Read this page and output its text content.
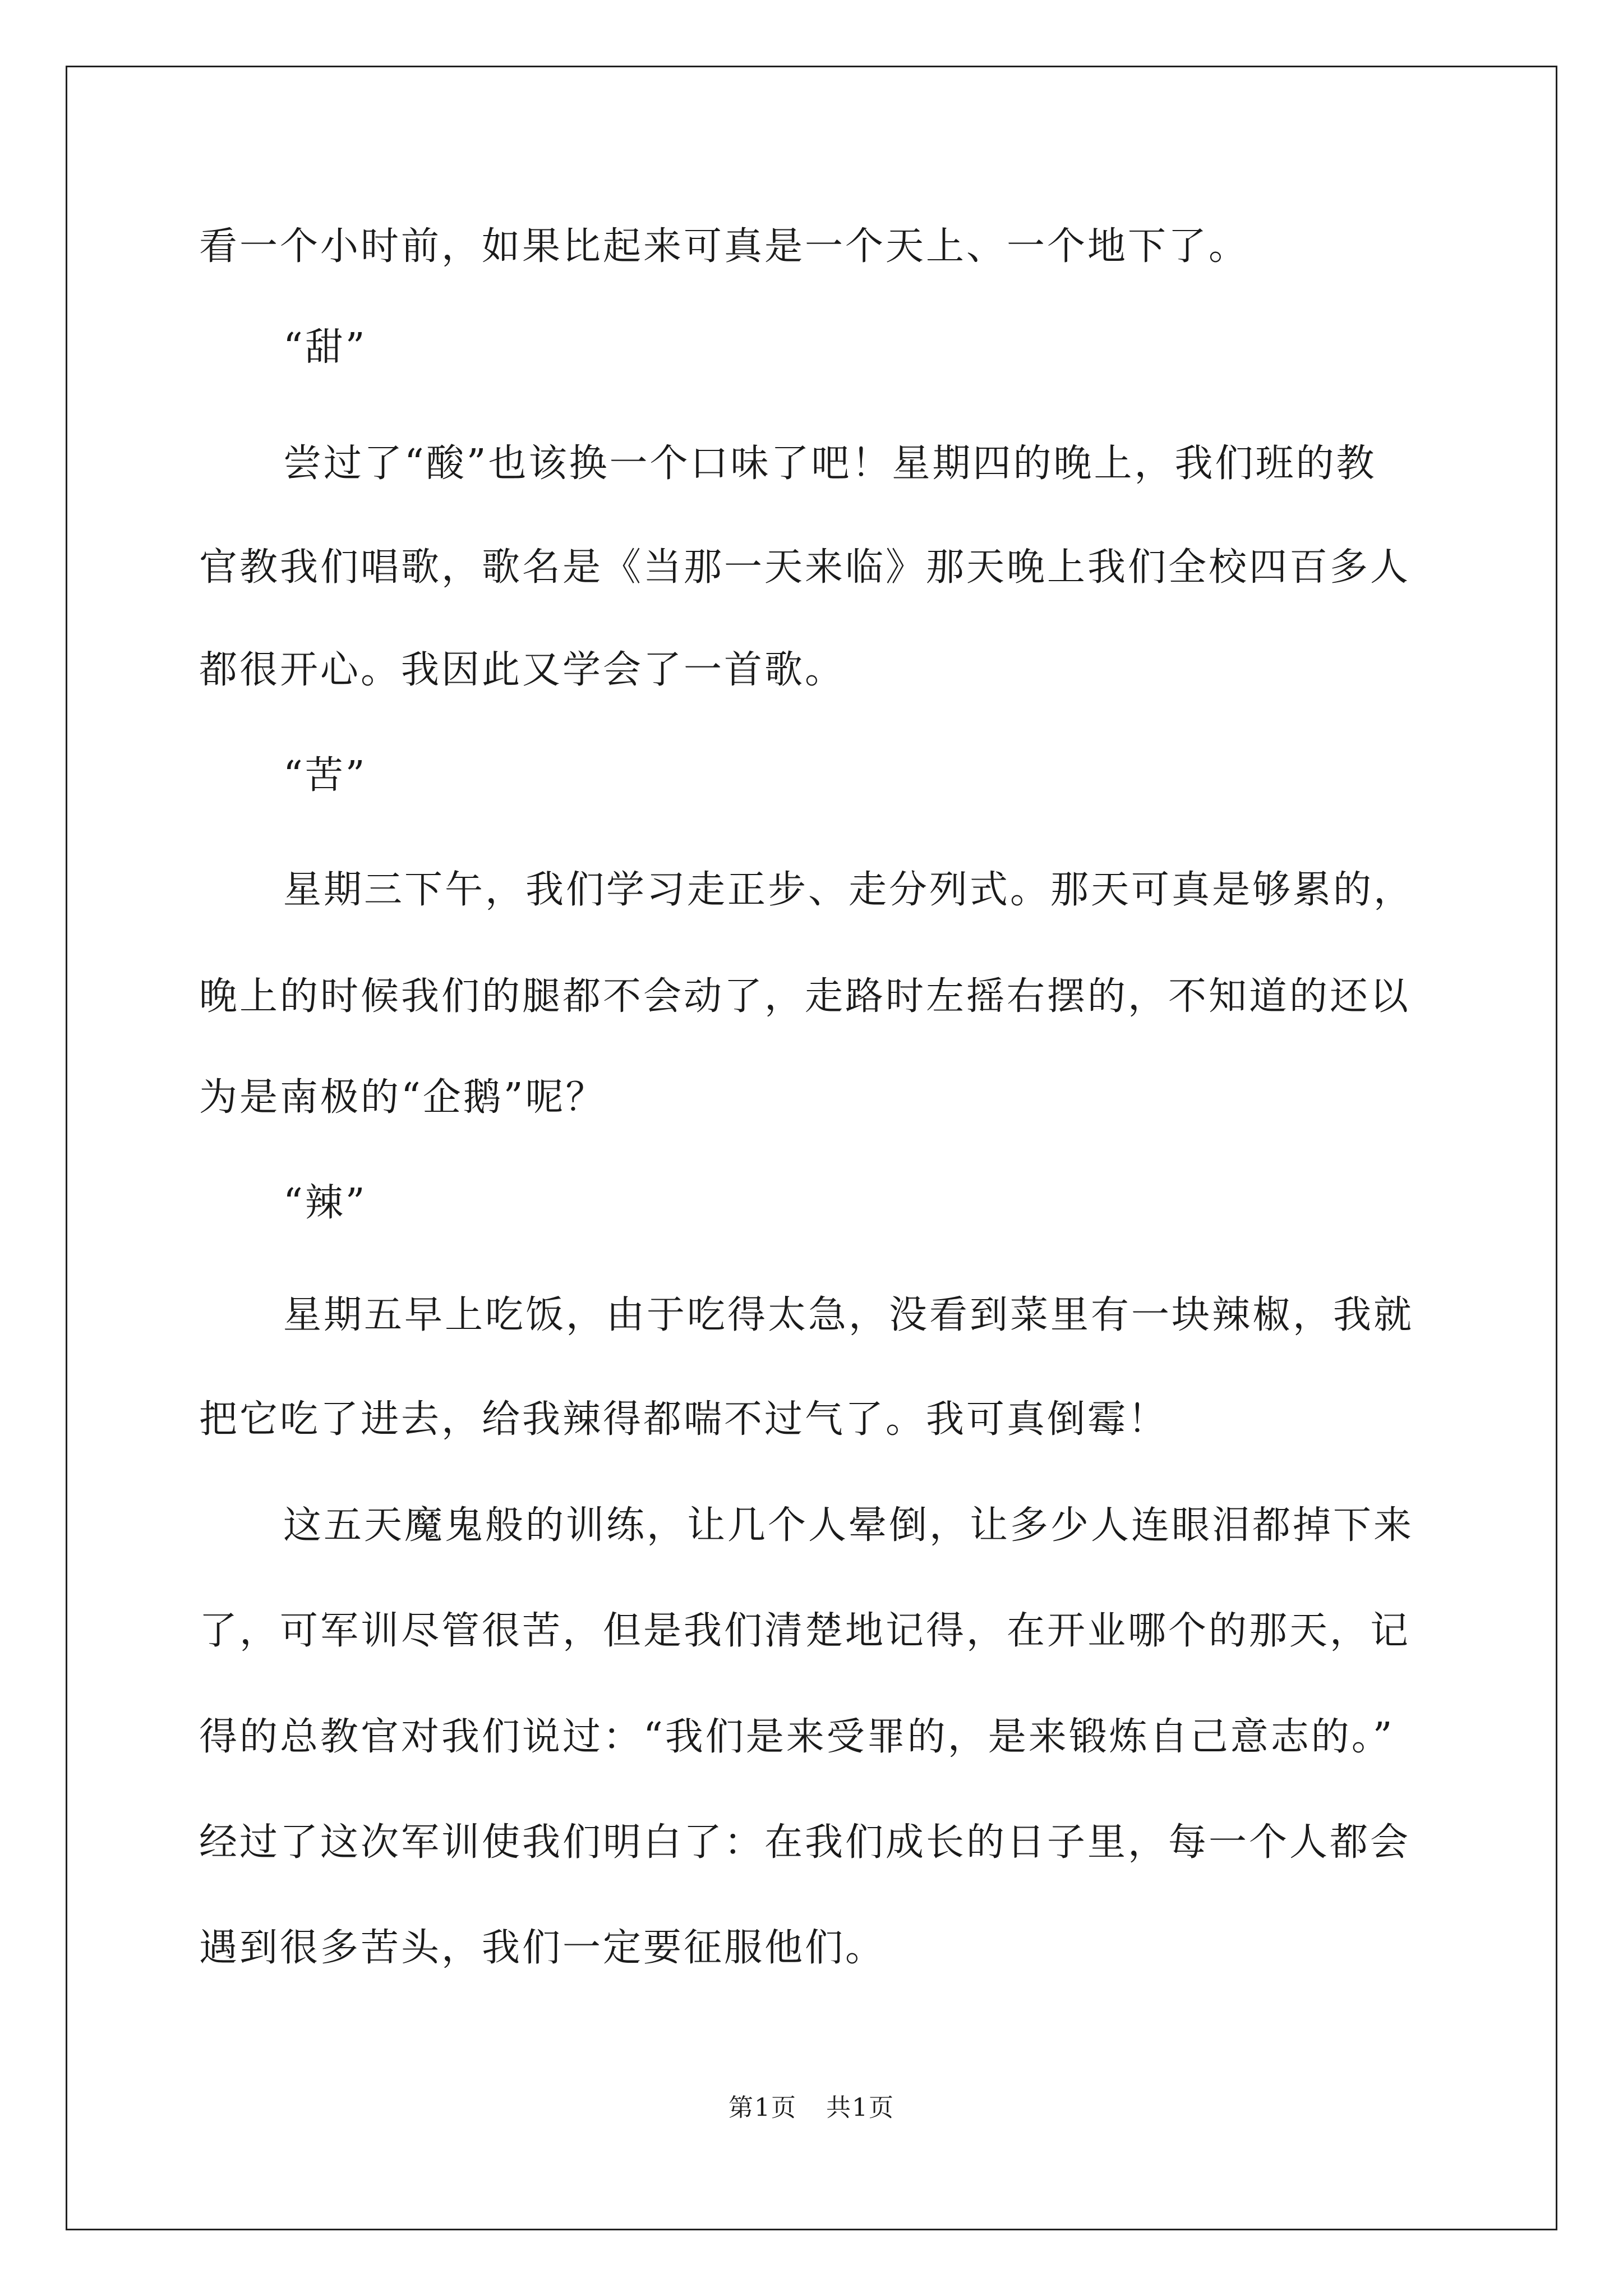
看一个小时前，如果比起来可真是一个天上、一个地下了。
“甜”
尝过了“酸”也该换一个口味了吧！星期四的晚上，我们班的教
官教我们唱歌，歌名是《当那一天来临》那天晚上我们全校四百多人
都很开心。我因此又学会了一首歌。
“苦”
星期三下午，我们学习走正步、走分列式。那天可真是够累的，
晚上的时候我们的腿都不会动了，走路时左摇右摆的，不知道的还以
为是南极的“企鹅”呢？
“辣”
星期五早上吃饭，由于吃得太急，没看到菜里有一块辣椒，我就
把它吃了进去，给我辣得都喘不过气了。我可真倒霉！
这五天魔鬼般的训练，让几个人晕倒，让多少人连眼泪都掉下来
了，可军训尽管很苦，但是我们清楚地记得，在开业哪个的那天，记
得的总教官对我们说过：“我们是来受罪的，是来锻炼自己意志的。”
经过了这次军训使我们明白了：在我们成长的日子里，每一个人都会
遇到很多苦头，我们一定要征服他们。
第1页 共1页
